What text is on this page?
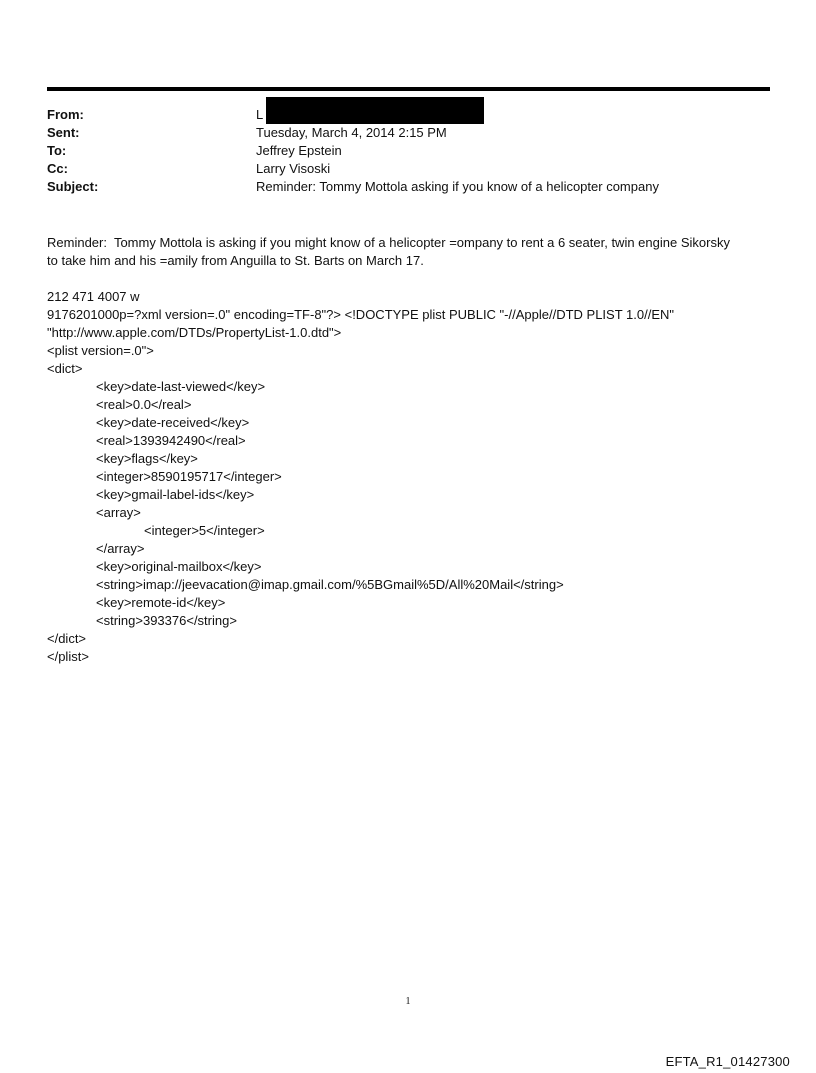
From:	L
Sent:	Tuesday, March 4, 2014 2:15 PM
To:	Jeffrey Epstein
Cc:	Larry Visoski
Subject:	Reminder: Tommy Mottola asking if you know of a helicopter company
Reminder:  Tommy Mottola is asking if you might know of a helicopter =ompany to rent a 6 seater, twin engine Sikorsky
to take him and his =amily from Anguilla to St. Barts on March 17.
212 471 4007 w
9176201000p=?xml version=.0" encoding=TF-8"?> <!DOCTYPE plist PUBLIC "-//Apple//DTD PLIST 1.0//EN"
"http://www.apple.com/DTDs/PropertyList-1.0.dtd">
<plist version=.0">
<dict>
<key>date-last-viewed</key>
<real>0.0</real>
<key>date-received</key>
<real>1393942490</real>
<key>flags</key>
<integer>8590195717</integer>
<key>gmail-label-ids</key>
<array>
<integer>5</integer>
</array>
<key>original-mailbox</key>
<string>imap://jeevacation@imap.gmail.com/%5BGmail%5D/All%20Mail</string>
<key>remote-id</key>
<string>393376</string>
</dict>
</plist>
1
EFTA_R1_01427300
